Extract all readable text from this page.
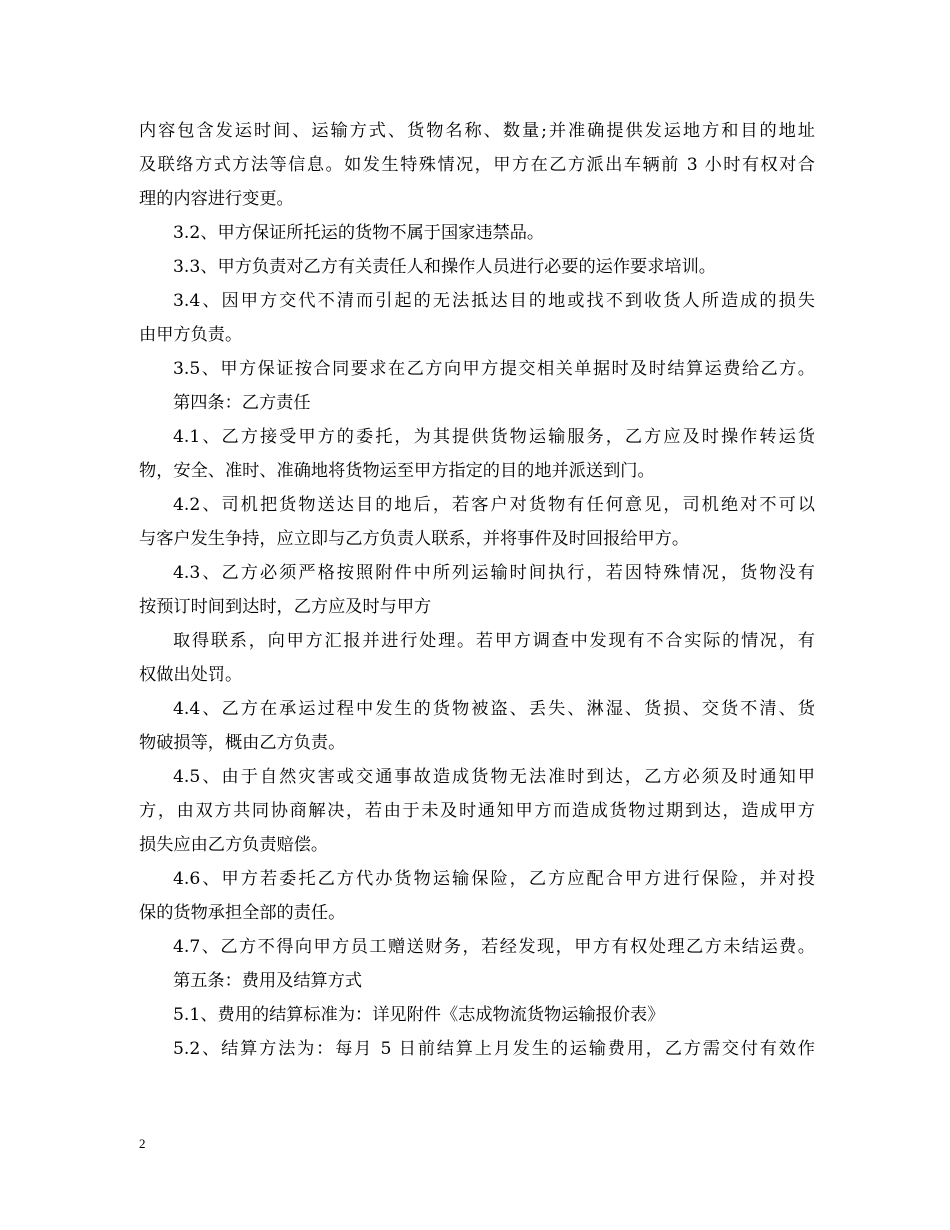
内容包含发运时间、运输方式、货物名称、数量;并准确提供发运地方和目的地址
及联络方式方法等信息。如发生特殊情况，甲方在乙方派出车辆前 3 小时有权对合
理的内容进行变更。
3.2、甲方保证所托运的货物不属于国家违禁品。
3.3、甲方负责对乙方有关责任人和操作人员进行必要的运作要求培训。
3.4、因甲方交代不清而引起的无法抵达目的地或找不到收货人所造成的损失
由甲方负责。
3.5、甲方保证按合同要求在乙方向甲方提交相关单据时及时结算运费给乙方。
第四条：乙方责任
4.1、乙方接受甲方的委托，为其提供货物运输服务，乙方应及时操作转运货
物，安全、准时、准确地将货物运至甲方指定的目的地并派送到门。
4.2、司机把货物送达目的地后，若客户对货物有任何意见，司机绝对不可以
与客户发生争持，应立即与乙方负责人联系，并将事件及时回报给甲方。
4.3、乙方必须严格按照附件中所列运输时间执行，若因特殊情况，货物没有
按预订时间到达时，乙方应及时与甲方
取得联系，向甲方汇报并进行处理。若甲方调查中发现有不合实际的情况，有
权做出处罚。
4.4、乙方在承运过程中发生的货物被盗、丢失、淋湿、货损、交货不清、货
物破损等，概由乙方负责。
4.5、由于自然灾害或交通事故造成货物无法准时到达，乙方必须及时通知甲
方，由双方共同协商解决，若由于未及时通知甲方而造成货物过期到达，造成甲方
损失应由乙方负责赔偿。
4.6、甲方若委托乙方代办货物运输保险，乙方应配合甲方进行保险，并对投
保的货物承担全部的责任。
4.7、乙方不得向甲方员工赠送财务，若经发现，甲方有权处理乙方未结运费。
第五条：费用及结算方式
5.1、费用的结算标准为：详见附件《志成物流货物运输报价表》
5.2、结算方法为：每月 5 日前结算上月发生的运输费用，乙方需交付有效作
2
